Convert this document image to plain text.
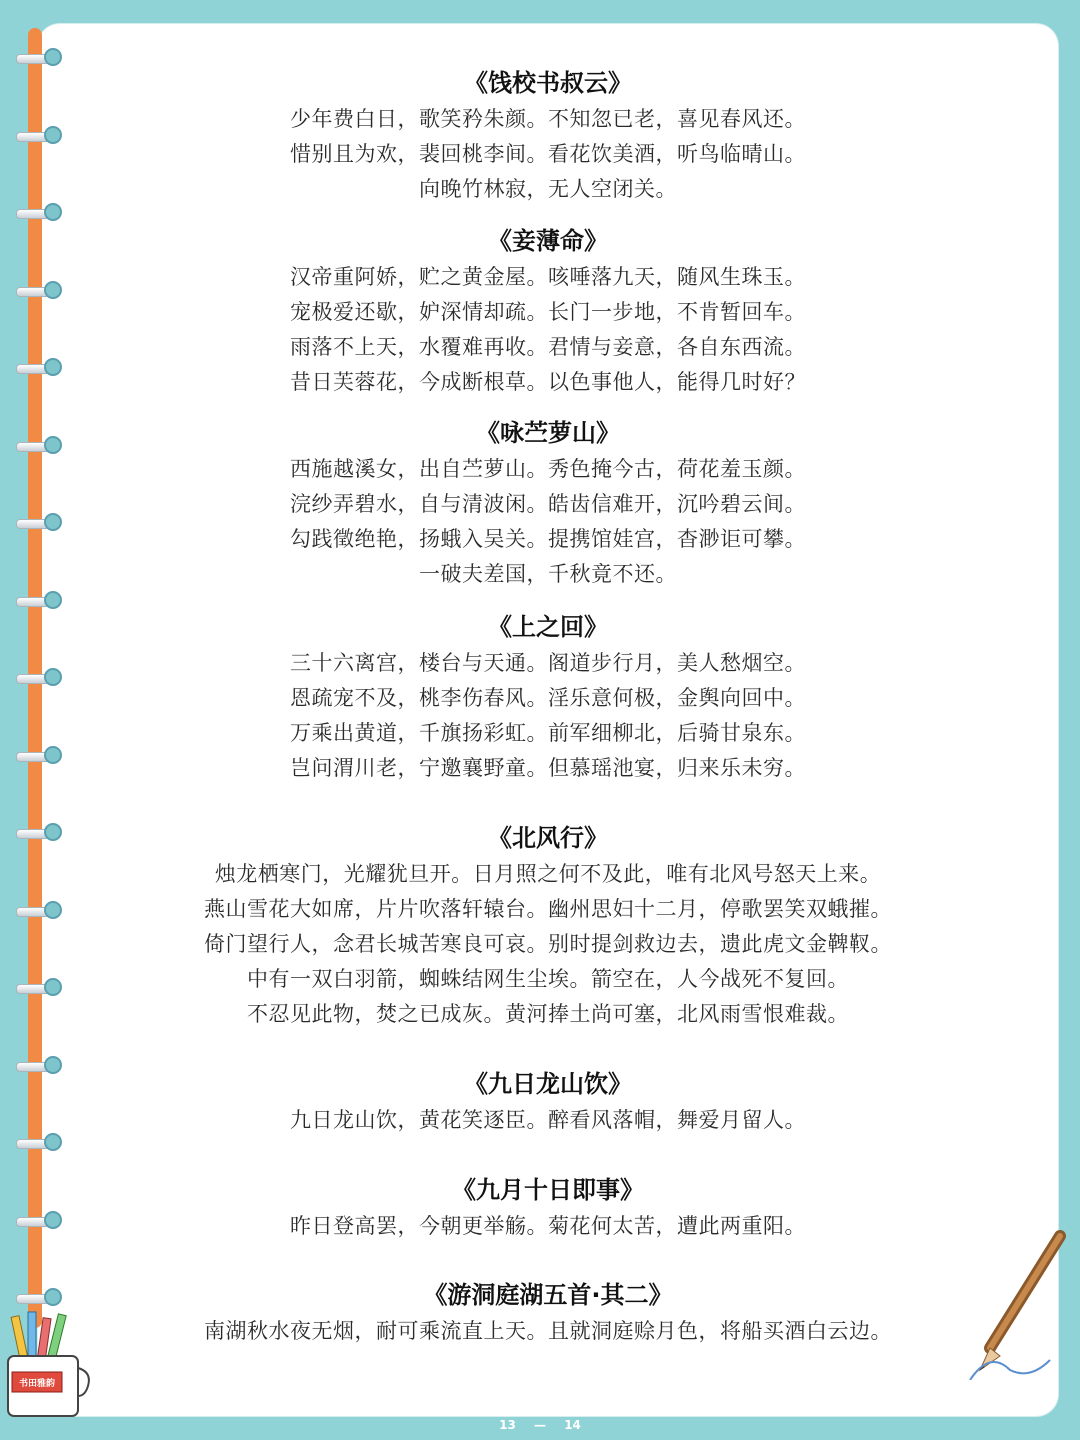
《饯校书叔云》

少年费白日，歌笑矜朱颜。不知忽已老，喜见春风还。

惜别且为欢，裴回桃李间。看花饮美酒，听鸟临晴山。

向晚竹林寂，无人空闭关。

《妾薄命》

汉帝重阿娇，贮之黄金屋。咳唾落九天，随风生珠玉。

宠极爱还歇，妒深情却疏。长门一步地，不肯暂回车。

雨落不上天，水覆难再收。君情与妾意，各自东西流。

昔日芙蓉花，今成断根草。以色事他人，能得几时好？

《咏苎萝山》

西施越溪女，出自苎萝山。秀色掩今古，荷花羞玉颜。

浣纱弄碧水，自与清波闲。皓齿信难开，沉吟碧云间。

勾践徵绝艳，扬蛾入吴关。提携馆娃宫，杳渺讵可攀。

一破夫差国，千秋竟不还。

《上之回》

三十六离宫，楼台与天通。阁道步行月，美人愁烟空。

恩疏宠不及，桃李伤春风。淫乐意何极，金舆向回中。

万乘出黄道，千旗扬彩虹。前军细柳北，后骑甘泉东。

岂问渭川老，宁邀襄野童。但慕瑶池宴，归来乐未穷。

《北风行》

烛龙栖寒门，光耀犹旦开。日月照之何不及此，唯有北风号怒天上来。

燕山雪花大如席，片片吹落轩辕台。幽州思妇十二月，停歌罢笑双蛾摧。

倚门望行人，念君长城苦寒良可哀。别时提剑救边去，遗此虎文金鞞靫。

中有一双白羽箭，蜘蛛结网生尘埃。箭空在，人今战死不复回。

不忍见此物，焚之已成灰。黄河捧土尚可塞，北风雨雪恨难裁。

《九日龙山饮》

九日龙山饮，黄花笑逐臣。醉看风落帽，舞爱月留人。

《九月十日即事》

昨日登高罢，今朝更举觞。菊花何太苦，遭此两重阳。

《游洞庭湖五首·其二》

南湖秋水夜无烟，耐可乘流直上天。且就洞庭赊月色，将船买酒白云边。

书田雅韵
13 — 14
